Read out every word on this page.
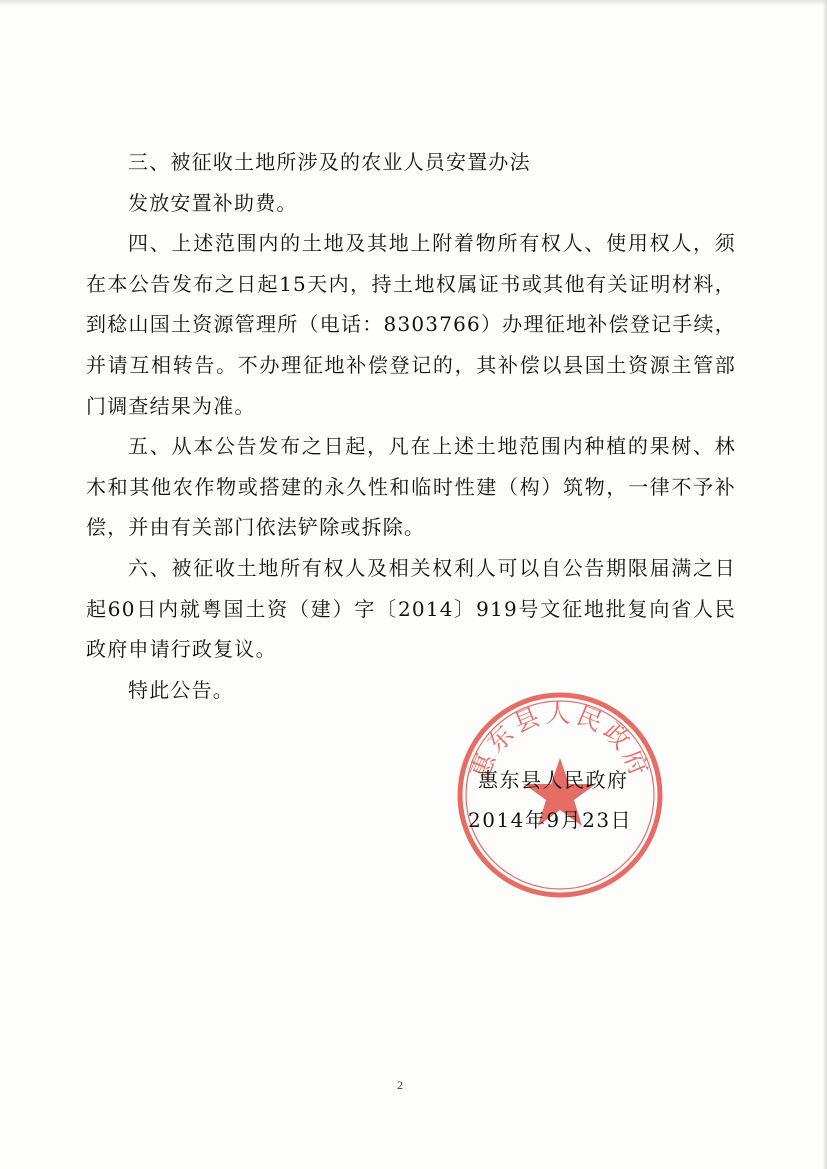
三、被征收土地所涉及的农业人员安置办法

发放安置补助费。

四、上述范围内的土地及其地上附着物所有权人、使用权人，须在本公告发布之日起15天内，持土地权属证书或其他有关证明材料，到稔山国土资源管理所（电话：8303766）办理征地补偿登记手续，并请互相转告。不办理征地补偿登记的，其补偿以县国土资源主管部门调查结果为准。

五、从本公告发布之日起，凡在上述土地范围内种植的果树、林木和其他农作物或搭建的永久性和临时性建（构）筑物，一律不予补偿，并由有关部门依法铲除或拆除。

六、被征收土地所有权人及相关权利人可以自公告期限届满之日起60日内就粤国土资（建）字〔2014〕919号文征地批复向省人民政府申请行政复议。

特此公告。

惠东县人民政府
惠东县人民政府
2014年9月23日
2
